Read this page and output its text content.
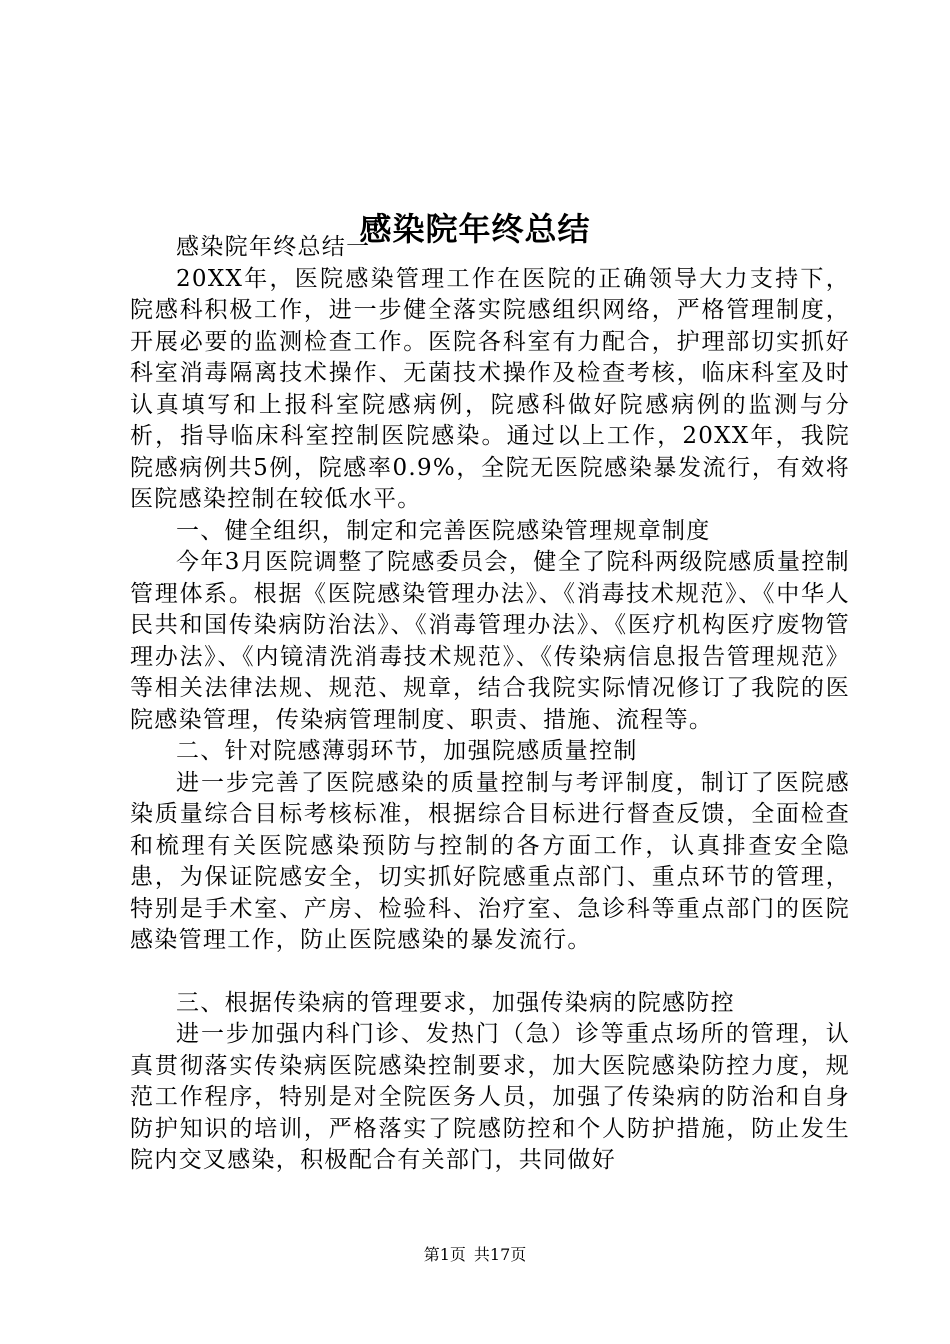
感染院年终总结

感染院年终总结一

20XX年，医院感染管理工作在医院的正确领导大力支持下，院感科积极工作，进一步健全落实院感组织网络，严格管理制度，开展必要的监测检查工作。医院各科室有力配合，护理部切实抓好科室消毒隔离技术操作、无菌技术操作及检查考核，临床科室及时认真填写和上报科室院感病例，院感科做好院感病例的监测与分析，指导临床科室控制医院感染。通过以上工作，20XX年，我院院感病例共5例，院感率0.9%，全院无医院感染暴发流行，有效将医院感染控制在较低水平。

一、健全组织，制定和完善医院感染管理规章制度

今年3月医院调整了院感委员会，健全了院科两级院感质量控制管理体系。根据《医院感染管理办法》、《消毒技术规范》、《中华人民共和国传染病防治法》、《消毒管理办法》、《医疗机构医疗废物管理办法》、《内镜清洗消毒技术规范》、《传染病信息报告管理规范》等相关法律法规、规范、规章，结合我院实际情况修订了我院的医院感染管理，传染病管理制度、职责、措施、流程等。

二、针对院感薄弱环节，加强院感质量控制

进一步完善了医院感染的质量控制与考评制度，制订了医院感染质量综合目标考核标准，根据综合目标进行督查反馈，全面检查和梳理有关医院感染预防与控制的各方面工作，认真排查安全隐患，为保证院感安全，切实抓好院感重点部门、重点环节的管理，特别是手术室、产房、检验科、治疗室、急诊科等重点部门的医院感染管理工作，防止医院感染的暴发流行。

三、根据传染病的管理要求，加强传染病的院感防控

进一步加强内科门诊、发热门（急）诊等重点场所的管理，认真贯彻落实传染病医院感染控制要求，加大医院感染防控力度，规范工作程序，特别是对全院医务人员，加强了传染病的防治和自身防护知识的培训，严格落实了院感防控和个人防护措施，防止发生院内交叉感染，积极配合有关部门，共同做好

第1页 共17页
